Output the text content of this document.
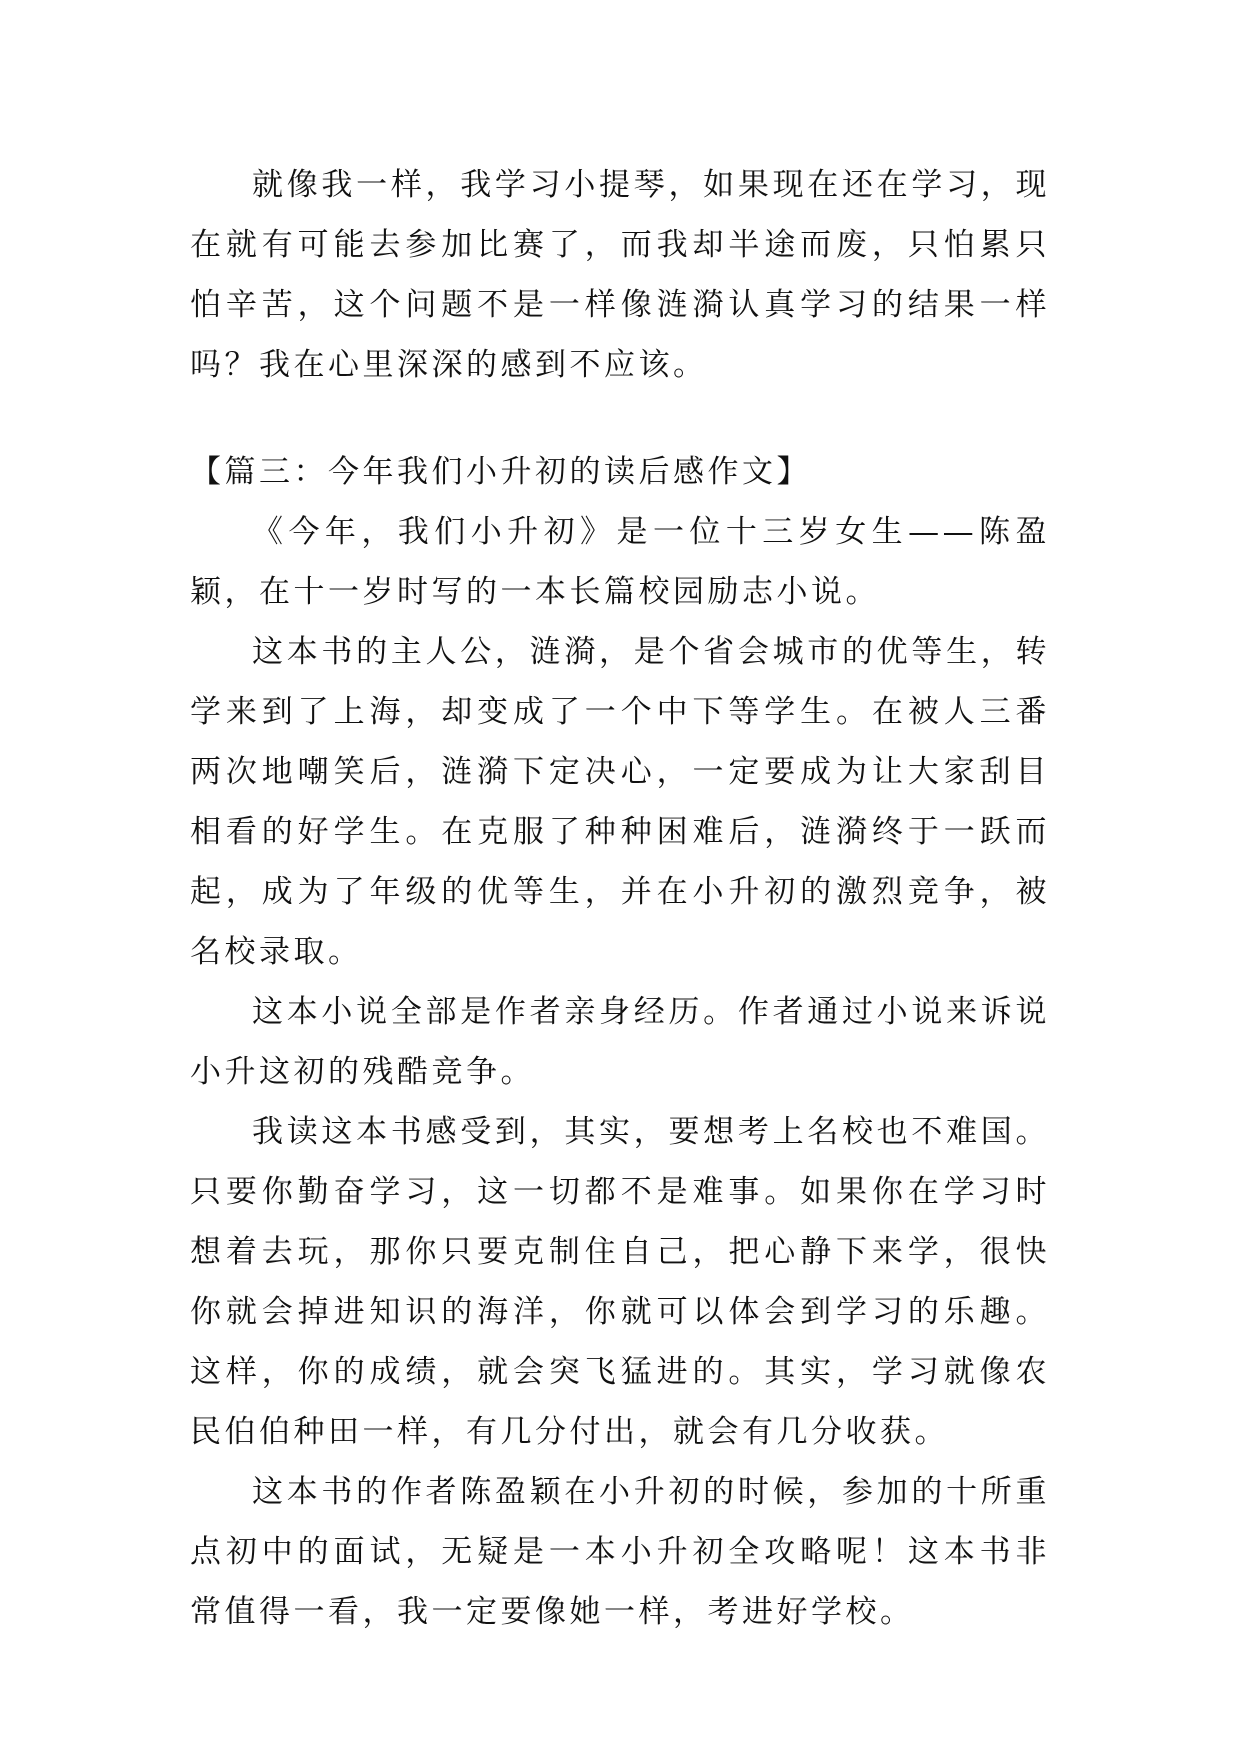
就像我一样，我学习小提琴，如果现在还在学习，现在就有可能去参加比赛了，而我却半途而废，只怕累只怕辛苦，这个问题不是一样像涟漪认真学习的结果一样吗？我在心里深深的感到不应该。

【篇三：今年我们小升初的读后感作文】

《今年，我们小升初》是一位十三岁女生——陈盈颖，在十一岁时写的一本长篇校园励志小说。

这本书的主人公，涟漪，是个省会城市的优等生，转学来到了上海，却变成了一个中下等学生。在被人三番两次地嘲笑后，涟漪下定决心，一定要成为让大家刮目相看的好学生。在克服了种种困难后，涟漪终于一跃而起，成为了年级的优等生，并在小升初的激烈竞争，被名校录取。

这本小说全部是作者亲身经历。作者通过小说来诉说小升这初的残酷竞争。

我读这本书感受到，其实，要想考上名校也不难国。只要你勤奋学习，这一切都不是难事。如果你在学习时想着去玩，那你只要克制住自己，把心静下来学，很快你就会掉进知识的海洋，你就可以体会到学习的乐趣。这样，你的成绩，就会突飞猛进的。其实，学习就像农民伯伯种田一样，有几分付出，就会有几分收获。

这本书的作者陈盈颖在小升初的时候，参加的十所重点初中的面试，无疑是一本小升初全攻略呢！这本书非常值得一看，我一定要像她一样，考进好学校。
